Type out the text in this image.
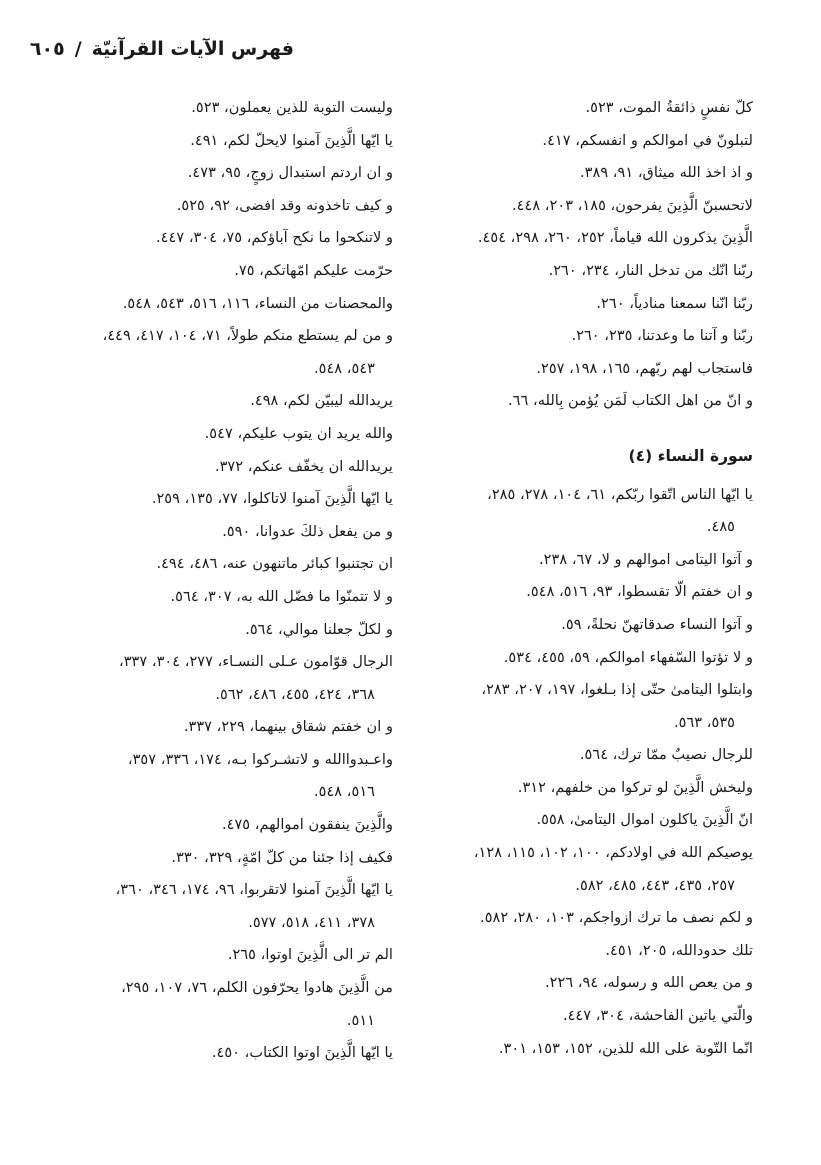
فهرس الآيات القرآنيّة
/
٦٠٥
كلّ نفسٍ ذائقةُ الموت، ٥٢٣.
لتبلونّ في اموالكم و انفسكم، ٤١٧.
و اذ اخذ الله ميثاق، ٩١، ٣٨٩.
لاتحسبنّ الَّذِينَ يفرحون، ١٨٥، ٢٠٣، ٤٤٨.
الَّذِينَ يذكرون الله قياماً، ٢٥٢، ٢٦٠، ٢٩٨، ٤٥٤.
ربّنا انّك من تدخل النار، ٢٣٤، ٢٦٠.
ربّنا انّنا سمعنا منادياً، ٢٦٠.
ربّنا و آتنا ما وعدتنا، ٢٣٥، ٢٦٠.
فاستجاب لهم ربّهم، ١٦٥، ١٩٨، ٢٥٧.
و انّ من اهل الكتاب لَمَن يُؤمن بِالله، ٦٦.
سورة النساء (٤)
يا ايّها الناس اتّقوا ربّكم، ٦١، ١٠٤، ٢٧٨، ٢٨٥،
٤٨٥.
و آتوا اليتامى اموالهم و لا، ٦٧، ٢٣٨.
و ان خفتم الّا تقسطوا، ٩٣، ٥١٦، ٥٤٨.
و آتوا النساء صدقاتهنّ نحلةً، ٥٩.
و لا تؤتوا السّفهاء اموالكم، ٥٩، ٤٥٥، ٥٣٤.
وابتلوا اليتامىٰ حتّى إذا بـلغوا، ١٩٧، ٢٠٧، ٢٨٣،
٥٣٥، ٥٦٣.
للرجال نصيبٌ ممّا ترك، ٥٦٤.
وليخش الَّذِينَ لو تركوا من خلفهم، ٣١٢.
انّ الَّذِينَ ياكلون اموال اليتامىٰ، ٥٥٨.
يوصيكم الله في اولادكم، ١٠٠، ١٠٢، ١١٥، ١٢٨،
٢٥٧، ٤٣٥، ٤٤٣، ٤٨٥، ٥٨٢.
و لكم نصف ما ترك ازواجكم، ١٠٣، ٢٨٠، ٥٨٢.
تلك حدودالله، ٢٠٥، ٤٥١.
و من يعص الله و رسوله، ٩٤، ٢٢٦.
والّتي ياتين الفاحشة، ٣٠٤، ٤٤٧.
انّما التّوبة على الله للذين، ١٥٢، ١٥٣، ٣٠١.
وليست التوبة للذين يعملون، ٥٢٣.
يا ايّها الَّذِينَ آمنوا لايحلّ لكم، ٤٩١.
و ان اردتم استبدال زوجٍ، ٩٥، ٤٧٣.
و كيف تاخذونه وقد افضى، ٩٢، ٥٢٥.
و لاتنكحوا ما نكح آباؤكم، ٧٥، ٣٠٤، ٤٤٧.
حرّمت عليكم امّهاتكم، ٧٥.
والمحصنات من النساء، ١١٦، ٥١٦، ٥٤٣، ٥٤٨.
و من لم يستطع منكم طولاً، ٧١، ١٠٤، ٤١٧، ٤٤٩،
٥٤٣، ٥٤٨.
يريدالله ليبيّن لكم، ٤٩٨.
والله يريد ان يتوب عليكم، ٥٤٧.
يريدالله ان يخفّف عنكم، ٣٧٢.
يا ايّها الَّذِينَ آمنوا لاتاكلوا، ٧٧، ١٣٥، ٢٥٩.
و من يفعل ذلكَ عدوانا، ٥٩٠.
ان تجتنبوا كبائر ماتنهون عنه، ٤٨٦، ٤٩٤.
و لا تتمنّوا ما فضّل الله به، ٣٠٧، ٥٦٤.
و لكلّ جعلنا موالي، ٥٦٤.
الرجال قوّامون عـلى النسـاء، ٢٧٧، ٣٠٤، ٣٣٧،
٣٦٨، ٤٢٤، ٤٥٥، ٤٨٦، ٥٦٢.
و ان خفتم شقاق بينهما، ٢٢٩، ٣٣٧.
واعـبدواالله و لاتشـركوا بـه، ١٧٤، ٣٣٦، ٣٥٧،
٥١٦، ٥٤٨.
والَّذِينَ ينفقون اموالهم، ٤٧٥.
فكيف إذا جئنا من كلّ امّةٍ، ٣٢٩، ٣٣٠.
يا ايّها الَّذِينَ آمنوا لاتقربوا، ٩٦، ١٧٤، ٣٤٦، ٣٦٠،
٣٧٨، ٤١١، ٥١٨، ٥٧٧.
الم تر الى الَّذِينَ اوتوا، ٢٦٥.
من الَّذِينَ هادوا يحرّفون الكلم، ٧٦، ١٠٧، ٢٩٥،
٥١١.
يا ايّها الَّذِينَ اوتوا الكتاب، ٤٥٠.
